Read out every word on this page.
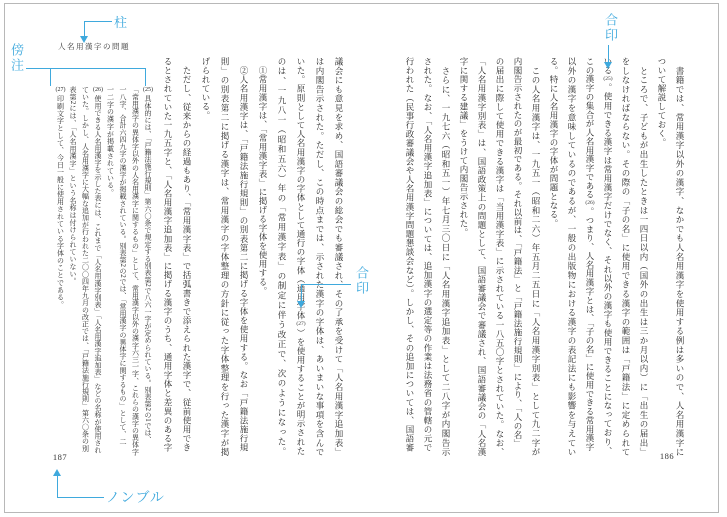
　書籍では、常用漢字以外の漢字、なかでも人名用漢字を使用する例は多いので、人名用漢字に
ついて解説しておく。
　ところで、子どもが出生したときは一四日以内（国外の出生は三か月以内）に「出生の届出」
をしなければならない。その際の「子の名」に使用できる漢字の範囲は「戸籍法」に定められて
いる(25)。使用できる漢字は常用漢字だけでなく、それ以外の漢字も使用できることになっており、
この漢字の集合が人名用漢字である(26)。つまり、人名用漢字とは、「子の名」に使用できる常用漢字
以外の漢字を意味しているのであるが、一般の出版物における漢字の表記法にも影響を与えてい
る。特に人名用漢字の字体が問題となる。
　この人名用漢字は、一九五一（昭和二六）年五月二五日に「人名用漢字別表」として九二字が
内閣告示されたのが最初である。それ以前は、「戸籍法」と「戸籍法施行規則」により、「人の名」
の届出に際して使用できる漢字は「当用漢字表」に示されている一八五〇字とされていた。なお、
「人名用漢字別表」は、国語政策上の問題として、国語審議会で審議され、国語審議会の「人名漢
字に関する建議」をうけて内閣告示された。
　さらに、一九七六（昭和五一）年七月三〇日に「人名用漢字追加表」として二八字が内閣告示
された。なお、「人名用漢字追加表」については、追加漢字の選定等の作業は法務省の管轄の元で
行われた（民事行政審議会や人名用漢字問題懇談会など）。しかし、その追加については、国語審
186
人名用漢字の問題
議会にも意見を求め、国語審議会の総会でも審議され、その了承を受けて「人名用漢字追加表」
は内閣告示された。ただし、この時点までは、示された漢字の字体は、あいまいな事項を含んで
いた。原則として人名用漢字の字体として通行の字体（通用字体(27)）を使用することが明示された
のは、一九八一（昭和五六）年の「常用漢字表」の制定に伴う改正で、次のようになった。
　①常用漢字は、「常用漢字表」に掲げる字体を使用する。
　②人名用漢字は、「戸籍法施行規則」の別表第二に掲げる字体を使用する。なお「戸籍法施行規
則」の別表第二に掲げる漢字は、常用漢字の字体整理の方針に従った字体整理を行った漢字が掲
げられている。
　ただし、従来からの経過もあり、「常用漢字表」で括弧書きで添えられた漢字で、従前使用でき
るとされていた一九五字と、「人名用漢字追加表」に掲げる漢字のうち、通用字体と差異のある字
(25)具体的には、「戸籍法施行規則」第六〇条で規定する別表第2で八六一字が定められている。別表第2の1では、
「常用漢字の異体字以外の人名用漢字に関するもの」として、常用漢字以外の漢字六三一字、これらの漢字の異体字
一八字、合計六四九字の漢字が掲載されている。別表第2の2では、「常用漢字の異体字に関するもの」として、二
一二字の漢字が掲載されている。
(26)使用できる人名用漢字を示した表には、これまで「人名用漢字別表」「人名用漢字追加表」などの名称が使用され
ていた。しかし、人名用漢字に大幅な追加が行われた二〇〇四年九月の改正では、「戸籍法施行規則」第六〇条の別
表第2には、「人名用漢字」という名称は付けられていない。
(27)印刷文字として、今日一般に使用されている字体のことである。
187
柱
傍注
合印
合印
ノンブル
